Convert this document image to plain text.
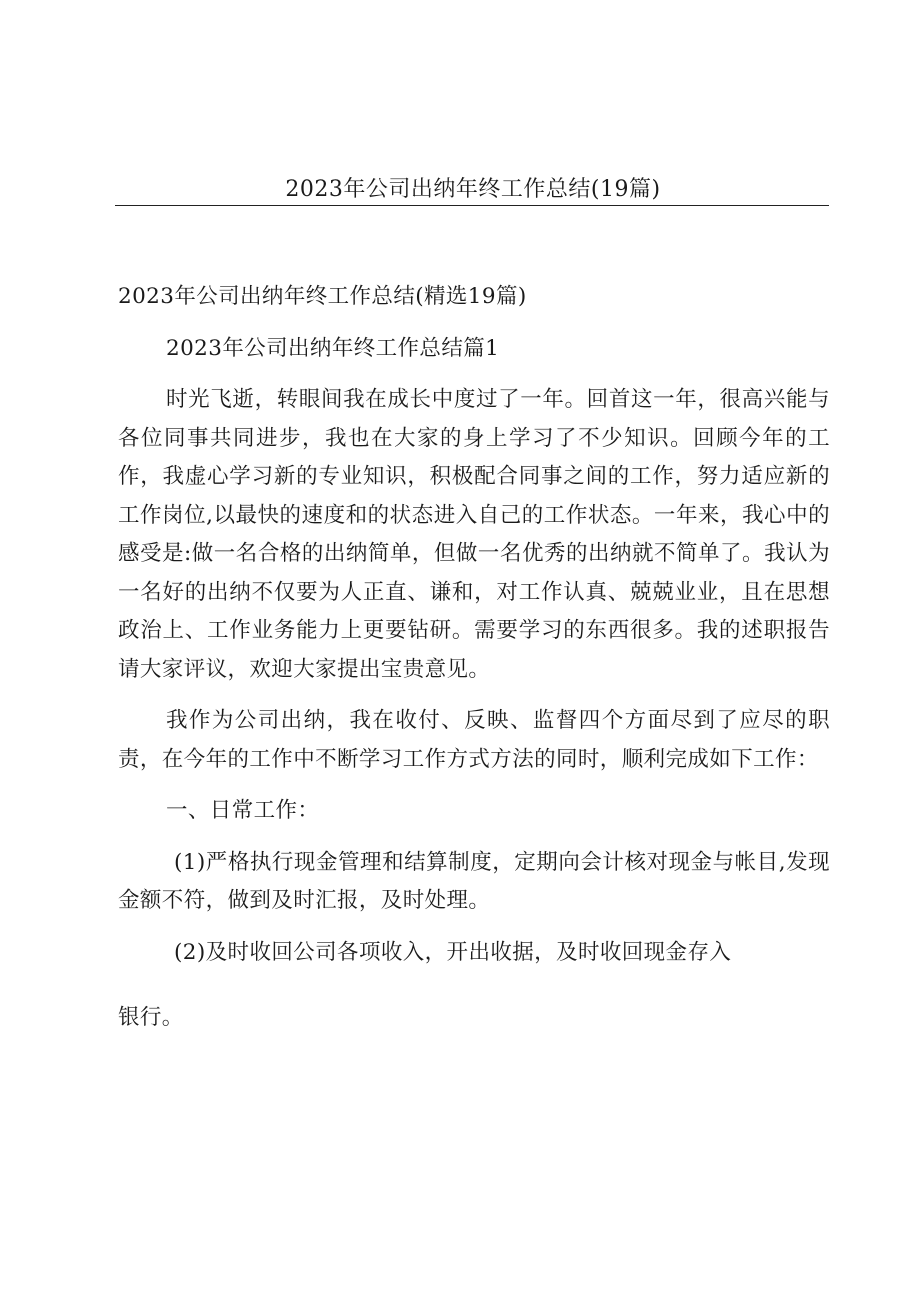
2023年公司出纳年终工作总结(19篇)

2023年公司出纳年终工作总结(精选19篇)

2023年公司出纳年终工作总结篇1

时光飞逝，转眼间我在成长中度过了一年。回首这一年，很高兴能与各位同事共同进步，我也在大家的身上学习了不少知识。回顾今年的工作，我虚心学习新的专业知识，积极配合同事之间的工作，努力适应新的工作岗位,以最快的速度和的状态进入自己的工作状态。一年来，我心中的感受是:做一名合格的出纳简单，但做一名优秀的出纳就不简单了。我认为一名好的出纳不仅要为人正直、谦和，对工作认真、兢兢业业，且在思想政治上、工作业务能力上更要钻研。需要学习的东西很多。我的述职报告请大家评议，欢迎大家提出宝贵意见。

我作为公司出纳，我在收付、反映、监督四个方面尽到了应尽的职责，在今年的工作中不断学习工作方式方法的同时，顺利完成如下工作：

一、日常工作：

(1)严格执行现金管理和结算制度，定期向会计核对现金与帐目,发现金额不符，做到及时汇报，及时处理。

(2)及时收回公司各项收入，开出收据，及时收回现金存入

银行。
